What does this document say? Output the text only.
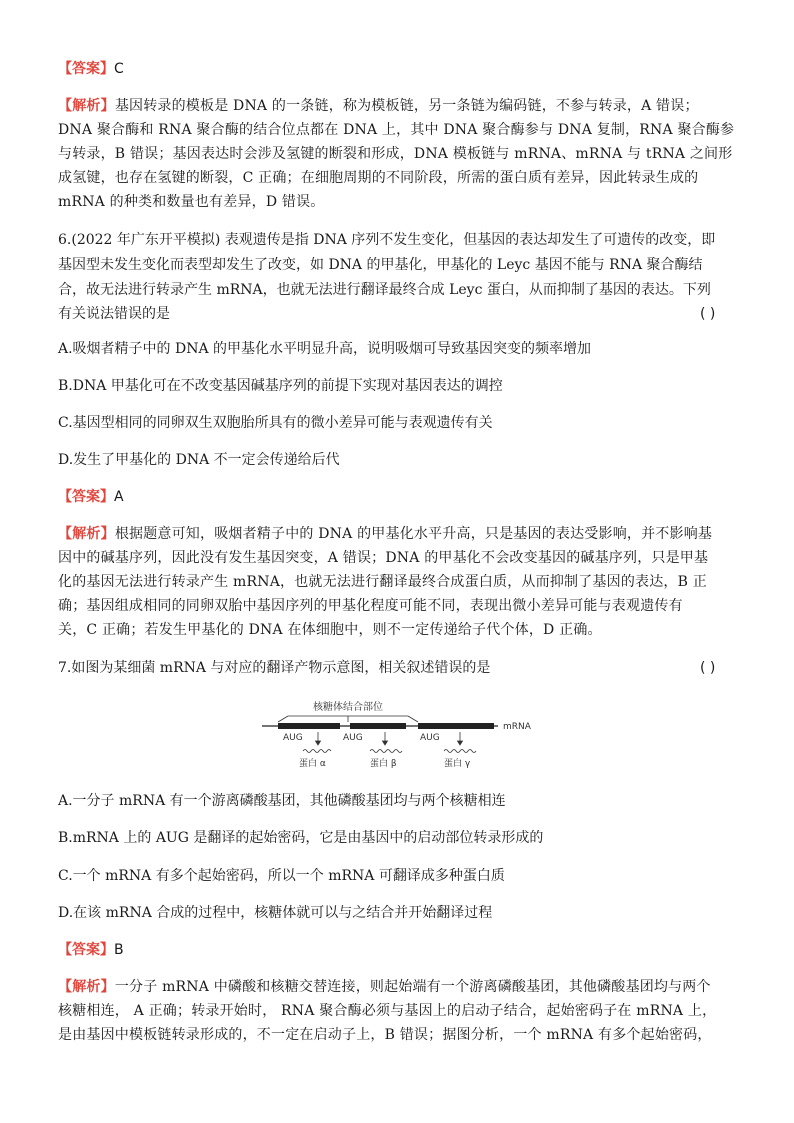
【答案】C
【解析】基因转录的模板是 DNA 的一条链，称为模板链，另一条链为编码链，不参与转录，A 错误；
DNA 聚合酶和 RNA 聚合酶的结合位点都在 DNA 上，其中 DNA 聚合酶参与 DNA 复制，RNA 聚合酶参
与转录，B 错误；基因表达时会涉及氢键的断裂和形成，DNA 模板链与 mRNA、mRNA 与 tRNA 之间形
成氢键，也存在氢键的断裂，C 正确；在细胞周期的不同阶段，所需的蛋白质有差异，因此转录生成的
mRNA 的种类和数量也有差异，D 错误。
6.(2022 年广东开平模拟) 表观遗传是指 DNA 序列不发生变化，但基因的表达却发生了可遗传的改变，即
基因型未发生变化而表型却发生了改变，如 DNA 的甲基化，甲基化的 Leyc 基因不能与 RNA 聚合酶结
合，故无法进行转录产生 mRNA，也就无法进行翻译最终合成 Leyc 蛋白，从而抑制了基因的表达。下列
有关说法错误的是	( )
A.吸烟者精子中的 DNA 的甲基化水平明显升高，说明吸烟可导致基因突变的频率增加
B.DNA 甲基化可在不改变基因碱基序列的前提下实现对基因表达的调控
C.基因型相同的同卵双生双胞胎所具有的微小差异可能与表观遗传有关
D.发生了甲基化的 DNA 不一定会传递给后代
【答案】A
【解析】根据题意可知，吸烟者精子中的 DNA 的甲基化水平升高，只是基因的表达受影响，并不影响基
因中的碱基序列，因此没有发生基因突变，A 错误；DNA 的甲基化不会改变基因的碱基序列，只是甲基
化的基因无法进行转录产生 mRNA，也就无法进行翻译最终合成蛋白质，从而抑制了基因的表达，B 正
确；基因组成相同的同卵双胎中基因序列的甲基化程度可能不同，表现出微小差异可能与表观遗传有
关，C 正确；若发生甲基化的 DNA 在体细胞中，则不一定传递给子代个体，D 正确。
7.如图为某细菌 mRNA 与对应的翻译产物示意图，相关叙述错误的是	( )
核糖体结合部位
mRNA
AUG	AUG	AUG
蛋白 α	蛋白 β	蛋白 γ
A.一分子 mRNA 有一个游离磷酸基团，其他磷酸基团均与两个核糖相连
B.mRNA 上的 AUG 是翻译的起始密码，它是由基因中的启动部位转录形成的
C.一个 mRNA 有多个起始密码，所以一个 mRNA 可翻译成多种蛋白质
D.在该 mRNA 合成的过程中，核糖体就可以与之结合并开始翻译过程
【答案】B
【解析】一分子 mRNA 中磷酸和核糖交替连接，则起始端有一个游离磷酸基团，其他磷酸基团均与两个
核糖相连， A 正确；转录开始时， RNA 聚合酶必须与基因上的启动子结合，起始密码子在 mRNA 上，
是由基因中模板链转录形成的，不一定在启动子上，B 错误；据图分析，一个 mRNA 有多个起始密码，
